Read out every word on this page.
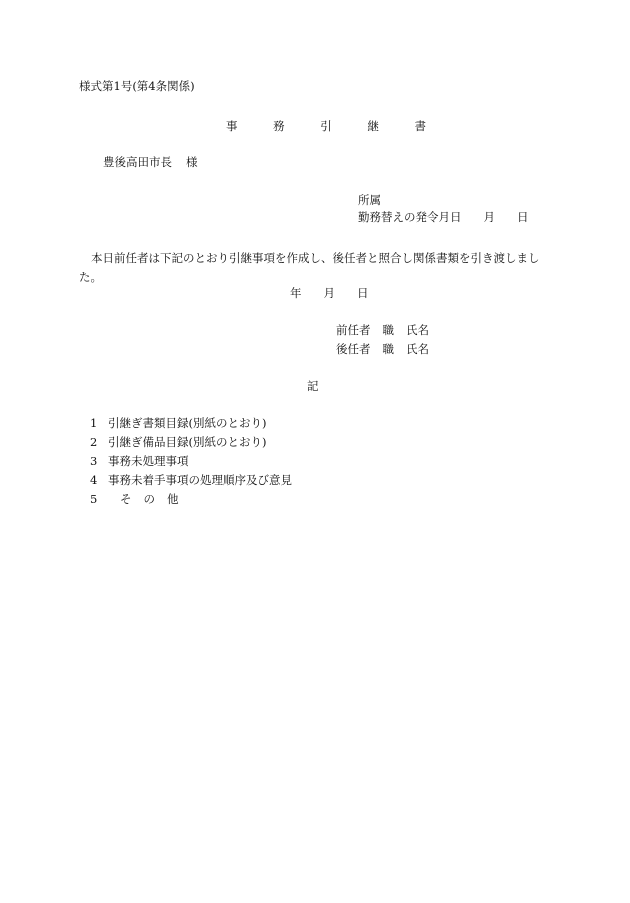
様式第1号(第4条関係)
事	務	引	継	書
豊後高田市長 様
所属
勤務替えの発令月日 月 日
本日前任者は下記のとおり引継事項を作成し、後任者と照合し関係書類を引き渡しました。
年 月 日
前任者 職 氏名
後任者 職 氏名
記
1 引継ぎ書類目録(別紙のとおり)
2 引継ぎ備品目録(別紙のとおり)
3 事務未処理事項
4 事務未着手事項の処理順序及び意見
5 そ の 他
